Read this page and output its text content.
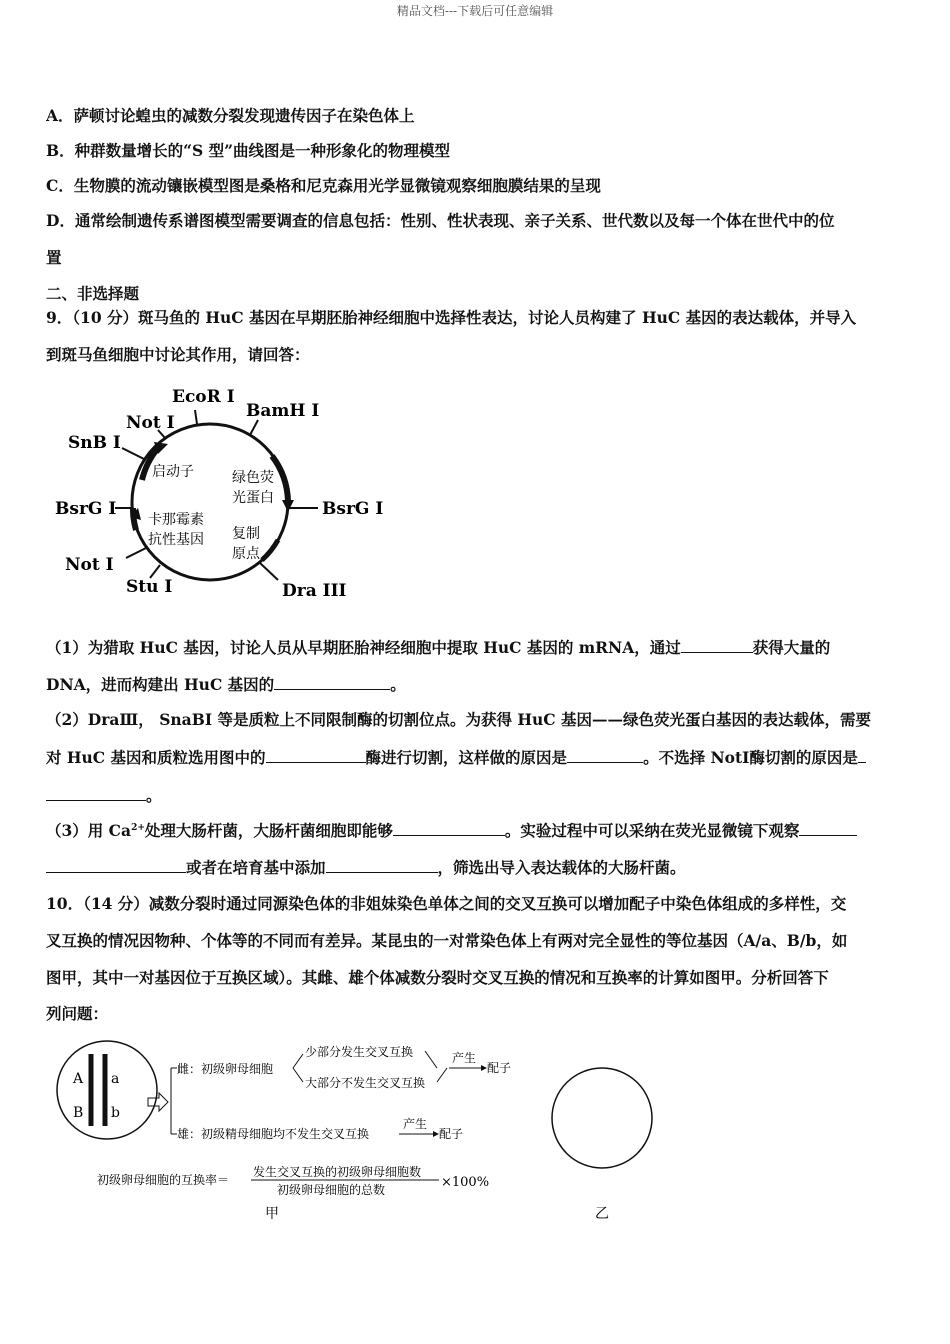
精品文档---下载后可任意编辑
A．萨顿讨论蝗虫的减数分裂发现遗传因子在染色体上
B．种群数量增长的“S 型”曲线图是一种形象化的物理模型
C．生物膜的流动镶嵌模型图是桑格和尼克森用光学显微镜观察细胞膜结果的呈现
D．通常绘制遗传系谱图模型需要调查的信息包括：性别、性状表现、亲子关系、世代数以及每一个体在世代中的位
置
二、非选择题
9．（10 分）斑马鱼的 HuC 基因在早期胚胎神经细胞中选择性表达，讨论人员构建了 HuC 基因的表达载体，并导入
到斑马鱼细胞中讨论其作用，请回答：
EcoR I
BamH I
Not I
SnB I
BsrG I	BsrG I
Not I
Stu I	Dra III
启动子	绿色荧
光蛋白
卡那霉素
抗性基因 复制
原点
（1）为猎取 HuC 基因，讨论人员从早期胚胎神经细胞中提取 HuC 基因的 mRNA，通过	获得大量的
DNA，进而构建出 HuC 基因的	。
（2）DraⅢ， SnaBI 等是质粒上不同限制酶的切割位点。为获得 HuC 基因——绿色荧光蛋白基因的表达载体，需要
对 HuC 基因和质粒选用图中的	酶进行切割，这样做的原因是	。不选择 NotⅠ酶切割的原因是
。
（3）用 $Ca^{2+}$处理大肠杆菌，大肠杆菌细胞即能够	。实验过程中可以采纳在荧光显微镜下观察
或者在培育基中添加	，筛选出导入表达载体的大肠杆菌。
10．（14 分）减数分裂时通过同源染色体的非姐妹染色单体之间的交叉互换可以增加配子中染色体组成的多样性，交
叉互换的情况因物种、个体等的不同而有差异。某昆虫的一对常染色体上有两对完全显性的等位基因（A/a、B/b，如
图甲，其中一对基因位于互换区域）。其雌、雄个体减数分裂时交叉互换的情况和互换率的计算如图甲。分析回答下
列问题：
A a
B b
雌：初级卵母细胞
少部分发生交叉互换
大部分不发生交叉互换
产生
配子
雄：初级精母细胞均不发生交叉互换
产生
配子
初级卵母细胞的互换率＝
发生交叉互换的初级卵母细胞数
初级卵母细胞的总数	×100%
甲	乙
